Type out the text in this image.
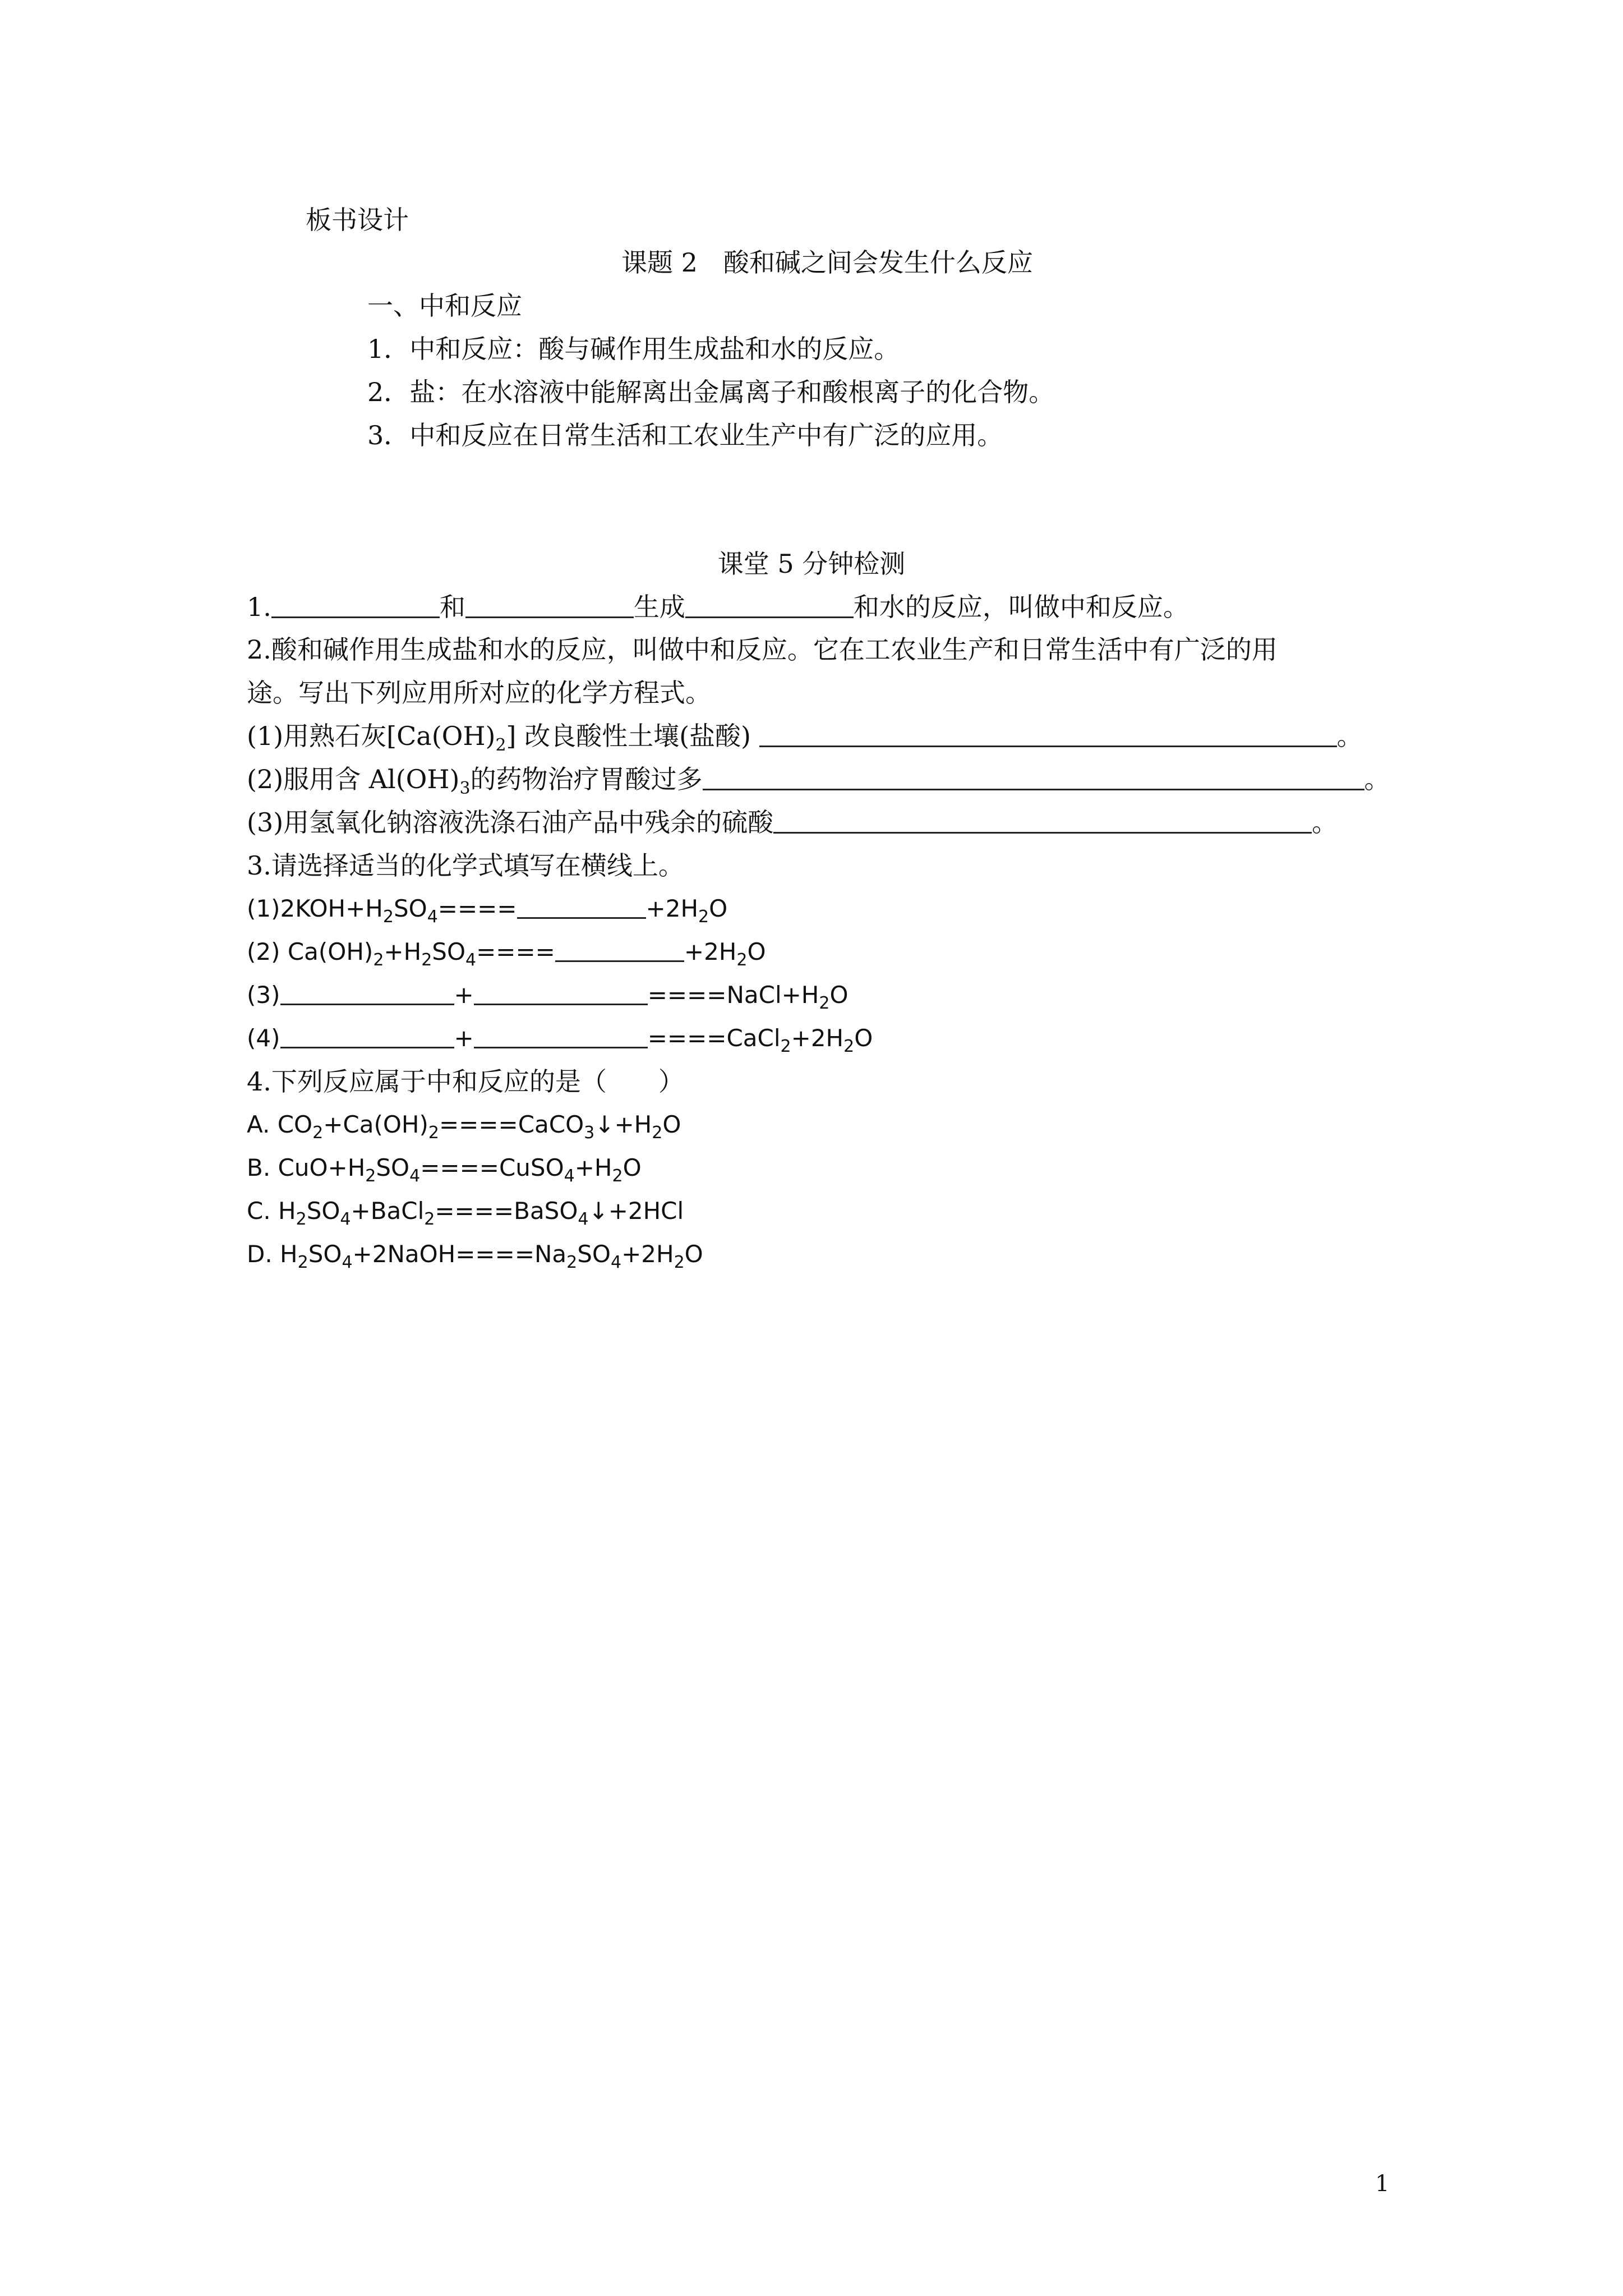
板书设计
课题 2　酸和碱之间会发生什么反应
一、中和反应
1．中和反应：酸与碱作用生成盐和水的反应。
2．盐：在水溶液中能解离出金属离子和酸根离子的化合物。
3．中和反应在日常生活和工农业生产中有广泛的应用。
课堂 5 分钟检测
1.	和	生成	和水的反应，叫做中和反应。
2.酸和碱作用生成盐和水的反应，叫做中和反应。它在工农业生产和日常生活中有广泛的用
途。写出下列应用所对应的化学方程式。
(1)用熟石灰$[Ca(OH)_2]$ 改良酸性土壤(盐酸)	。
(2)服用含 $Al(OH)_3$的药物治疗胃酸过多	。
(3)用氢氧化钠溶液洗涤石油产品中残余的硫酸	。
3.请选择适当的化学式填写在横线上。
$(1)2KOH+H_2SO_4====$	$+2H_2O$
(2) $Ca(OH)_2+H_2SO_4====$	$+2H_2O$
(3)	+	$====NaCl+H_2O$
(4)	+	$====CaCl_2+2H_2O$
4.下列反应属于中和反应的是（　　）
A. $CO_2+Ca(OH)_2====CaCO_3↓+H_2O$
B. $CuO+H_2SO_4====CuSO_4+H_2O$
C. $H_2SO_4+BaCl_2====BaSO_4↓+2HCl$
D. $H_2SO_4+2NaOH====Na_2SO_4+2H_2O$
1
